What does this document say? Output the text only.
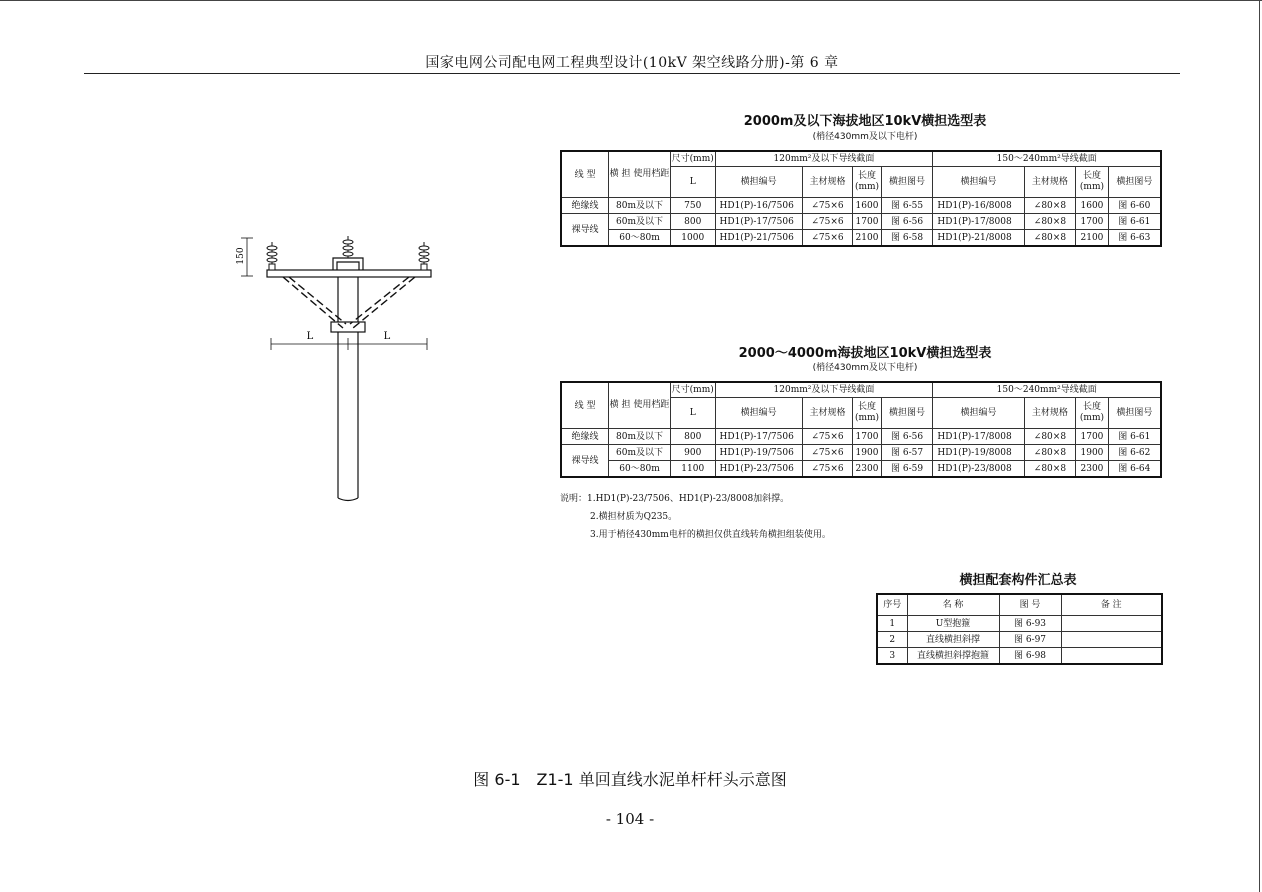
国家电网公司配电网工程典型设计(10kV 架空线路分册)-第 6 章
150
L	L
2000m及以下海拔地区10kV横担选型表
(梢径430mm及以下电杆)
线 型	横 担 使用档距	尺寸(mm)	120mm²及以下导线截面				150～240mm²导线截面			
		L	横担编号	主材规格	长度 (mm)	横担图号	横担编号	主材规格	长度 (mm)	横担图号
绝缘线	80m及以下	750	HD1(P)-16/7506	∠75×6	1600	图 6-55	HD1(P)-16/8008	∠80×8	1600	图 6-60
裸导线	60m及以下	800	HD1(P)-17/7506	∠75×6	1700	图 6-56	HD1(P)-17/8008	∠80×8	1700	图 6-61
	60～80m	1000	HD1(P)-21/7506	∠75×6	2100	图 6-58	HD1(P)-21/8008	∠80×8	2100	图 6-63
2000～4000m海拔地区10kV横担选型表
(梢径430mm及以下电杆)
线 型	横 担 使用档距	尺寸(mm)	120mm²及以下导线截面				150～240mm²导线截面			
		L	横担编号	主材规格	长度 (mm)	横担图号	横担编号	主材规格	长度 (mm)	横担图号
绝缘线	80m及以下	800	HD1(P)-17/7506	∠75×6	1700	图 6-56	HD1(P)-17/8008	∠80×8	1700	图 6-61
裸导线	60m及以下	900	HD1(P)-19/7506	∠75×6	1900	图 6-57	HD1(P)-19/8008	∠80×8	1900	图 6-62
	60～80m	1100	HD1(P)-23/7506	∠75×6	2300	图 6-59	HD1(P)-23/8008	∠80×8	2300	图 6-64
说明：1.HD1(P)-23/7506、HD1(P)-23/8008加斜撑。
2.横担材质为Q235。
3.用于梢径430mm电杆的横担仅供直线转角横担组装使用。
横担配套构件汇总表
序号	名 称	图 号	备 注
1	U型抱箍	图 6-93	
2	直线横担斜撑	图 6-97	
3	直线横担斜撑抱箍	图 6-98	
图 6-1　Z1-1 单回直线水泥单杆杆头示意图
- 104 -
